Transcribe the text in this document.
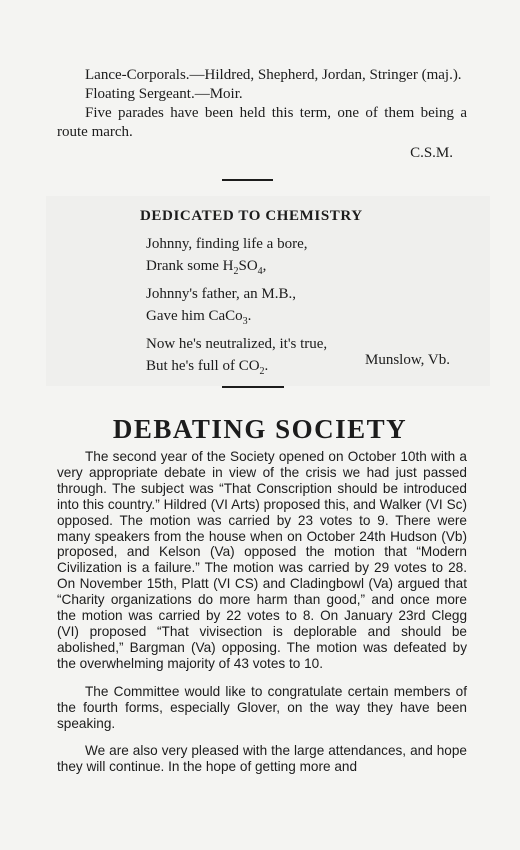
Lance-Corporals.—Hildred, Shepherd, Jordan, Stringer (maj.).

Floating Sergeant.—Moir.

Five parades have been held this term, one of them being a route march.

C.S.M.

DEDICATED TO CHEMISTRY
Johnny, finding life a bore,
Drank some $H_2SO_4$,
Johnny's father, an M.B.,
Gave him CaCo$_3$.
Now he's neutralized, it's true,
But he's full of $CO_2$.	Munslow, Vb.

DEBATING SOCIETY

The second year of the Society opened on October 10th with a very appropriate debate in view of the crisis we had just passed through. The subject was “That Conscription should be introduced into this country.” Hildred (VI Arts) proposed this, and Walker (VI Sc) opposed. The motion was carried by 23 votes to 9. There were many speakers from the house when on October 24th Hudson (Vb) proposed, and Kelson (Va) opposed the motion that “Modern Civilization is a failure.” The motion was carried by 29 votes to 28. On November 15th, Platt (VI CS) and Cladingbowl (Va) argued that “Charity organizations do more harm than good,” and once more the motion was carried by 22 votes to 8. On January 23rd Clegg (VI) proposed “That vivisection is deplorable and should be abolished,” Bargman (Va) opposing. The motion was defeated by the overwhelming majority of 43 votes to 10.

The Committee would like to congratulate certain members of the fourth forms, especially Glover, on the way they have been speaking.

We are also very pleased with the large attendances, and hope they will continue. In the hope of getting more and
